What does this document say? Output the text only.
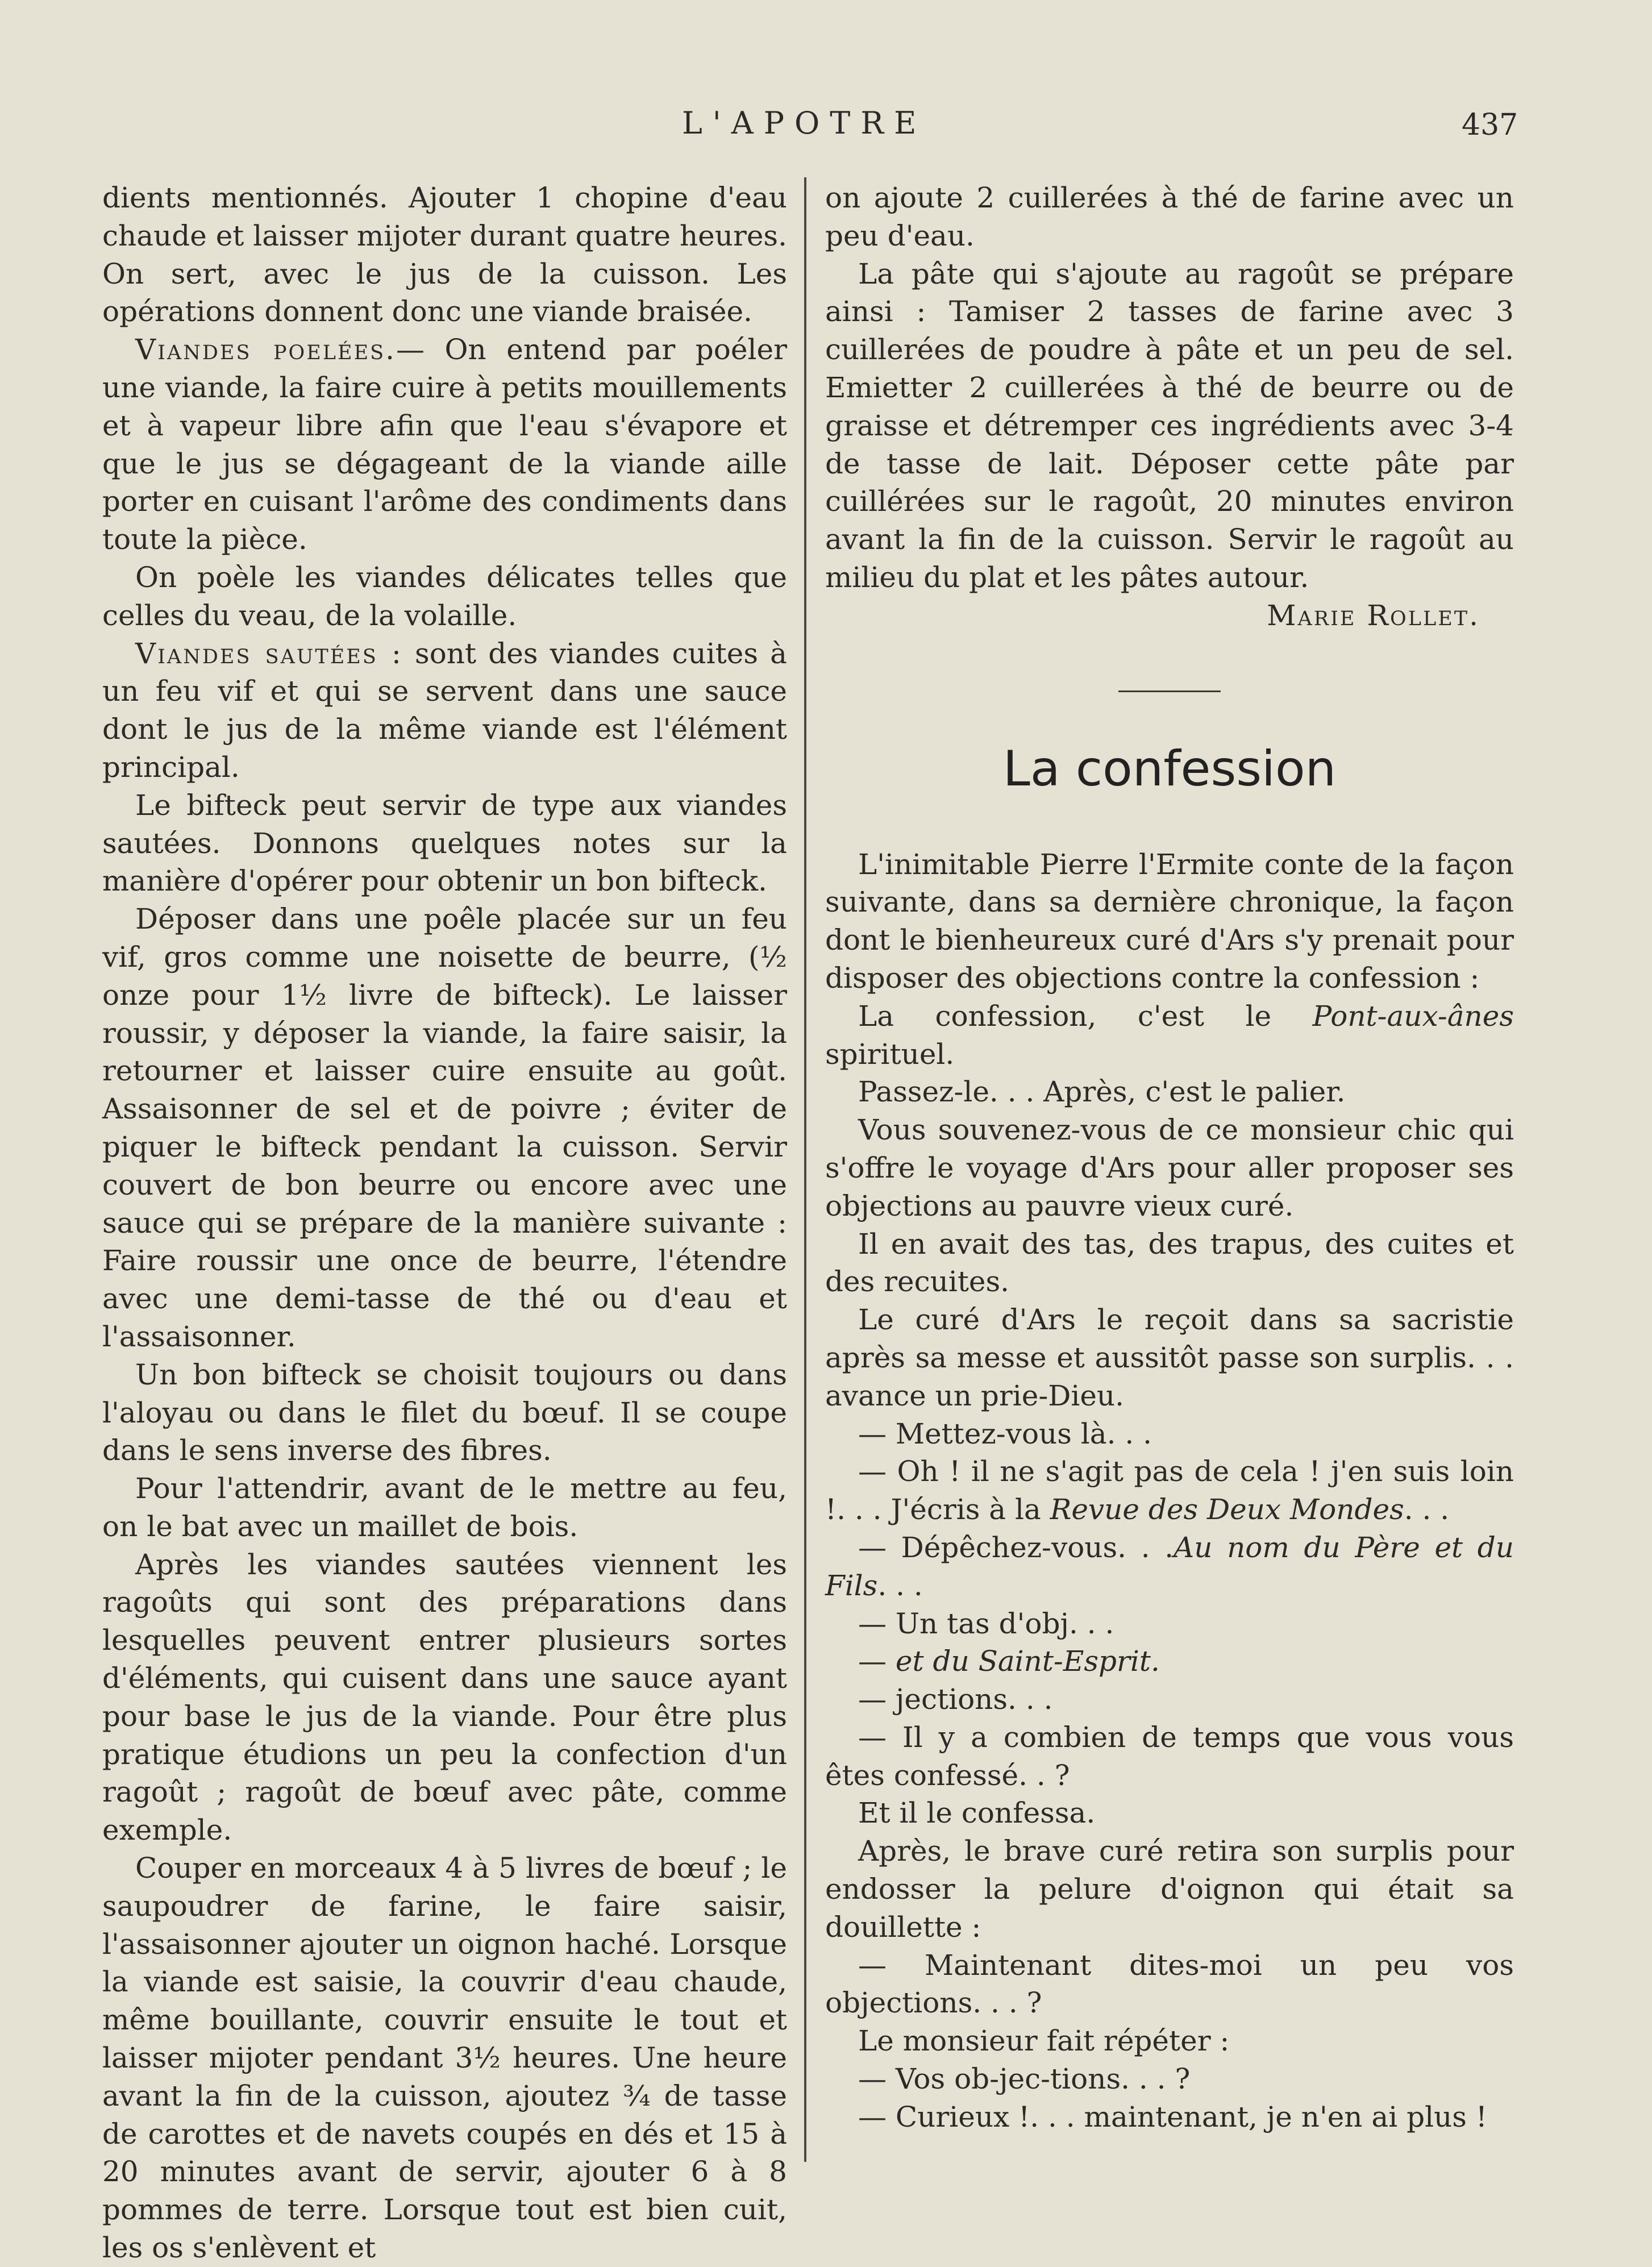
L'APOTRE	437

dients mentionnés. Ajouter 1 chopine d'eau chaude et laisser mijoter durant quatre heures. On sert, avec le jus de la cuisson. Les opérations donnent donc une viande braisée.

Viandes poelées.— On entend par poéler une viande, la faire cuire à petits mouillements et à vapeur libre afin que l'eau s'évapore et que le jus se dégageant de la viande aille porter en cuisant l'arôme des condiments dans toute la pièce.

On poèle les viandes délicates telles que celles du veau, de la volaille.

Viandes sautées : sont des viandes cuites à un feu vif et qui se servent dans une sauce dont le jus de la même viande est l'élément principal.

Le bifteck peut servir de type aux viandes sautées. Donnons quelques notes sur la manière d'opérer pour obtenir un bon bifteck.

Déposer dans une poêle placée sur un feu vif, gros comme une noisette de beurre, (½ onze pour 1½ livre de bifteck). Le laisser roussir, y déposer la viande, la faire saisir, la retourner et laisser cuire ensuite au goût. Assaisonner de sel et de poivre ; éviter de piquer le bifteck pendant la cuisson. Servir couvert de bon beurre ou encore avec une sauce qui se prépare de la manière suivante : Faire roussir une once de beurre, l'étendre avec une demi-tasse de thé ou d'eau et l'assaisonner.

Un bon bifteck se choisit toujours ou dans l'aloyau ou dans le filet du bœuf. Il se coupe dans le sens inverse des fibres.

Pour l'attendrir, avant de le mettre au feu, on le bat avec un maillet de bois.

Après les viandes sautées viennent les ragoûts qui sont des préparations dans lesquelles peuvent entrer plusieurs sortes d'éléments, qui cuisent dans une sauce ayant pour base le jus de la viande. Pour être plus pratique étudions un peu la confection d'un ragoût ; ragoût de bœuf avec pâte, comme exemple.

Couper en morceaux 4 à 5 livres de bœuf ; le saupoudrer de farine, le faire saisir, l'assaisonner ajouter un oignon haché. Lorsque la viande est saisie, la couvrir d'eau chaude, même bouillante, couvrir ensuite le tout et laisser mijoter pendant 3½ heures. Une heure avant la fin de la cuisson, ajoutez ¾ de tasse de carottes et de navets coupés en dés et 15 à 20 minutes avant de servir, ajouter 6 à 8 pommes de terre. Lorsque tout est bien cuit, les os s'enlèvent et

on ajoute 2 cuillerées à thé de farine avec un peu d'eau.

La pâte qui s'ajoute au ragoût se prépare ainsi : Tamiser 2 tasses de farine avec 3 cuillerées de poudre à pâte et un peu de sel. Emietter 2 cuillerées à thé de beurre ou de graisse et détremper ces ingrédients avec 3-4 de tasse de lait. Déposer cette pâte par cuillérées sur le ragoût, 20 minutes environ avant la fin de la cuisson. Servir le ragoût au milieu du plat et les pâtes autour.

Marie Rollet.

La confession

L'inimitable Pierre l'Ermite conte de la façon suivante, dans sa dernière chronique, la façon dont le bienheureux curé d'Ars s'y prenait pour disposer des objections contre la confession :

La confession, c'est le Pont-aux-ânes spirituel.

Passez-le. . . Après, c'est le palier.

Vous souvenez-vous de ce monsieur chic qui s'offre le voyage d'Ars pour aller proposer ses objections au pauvre vieux curé.

Il en avait des tas, des trapus, des cuites et des recuites.

Le curé d'Ars le reçoit dans sa sacristie après sa messe et aussitôt passe son surplis. . . avance un prie-Dieu.

— Mettez-vous là. . .

— Oh ! il ne s'agit pas de cela ! j'en suis loin !. . . J'écris à la Revue des Deux Mondes. . .

— Dépêchez-vous. . .Au nom du Père et du Fils. . .

— Un tas d'obj. . .

— et du Saint-Esprit.

— jections. . .

— Il y a combien de temps que vous vous êtes confessé. . ?

Et il le confessa.

Après, le brave curé retira son surplis pour endosser la pelure d'oignon qui était sa douillette :

— Maintenant dites-moi un peu vos objections. . . ?

Le monsieur fait répéter :

— Vos ob-jec-tions. . . ?

— Curieux !. . . maintenant, je n'en ai plus !
